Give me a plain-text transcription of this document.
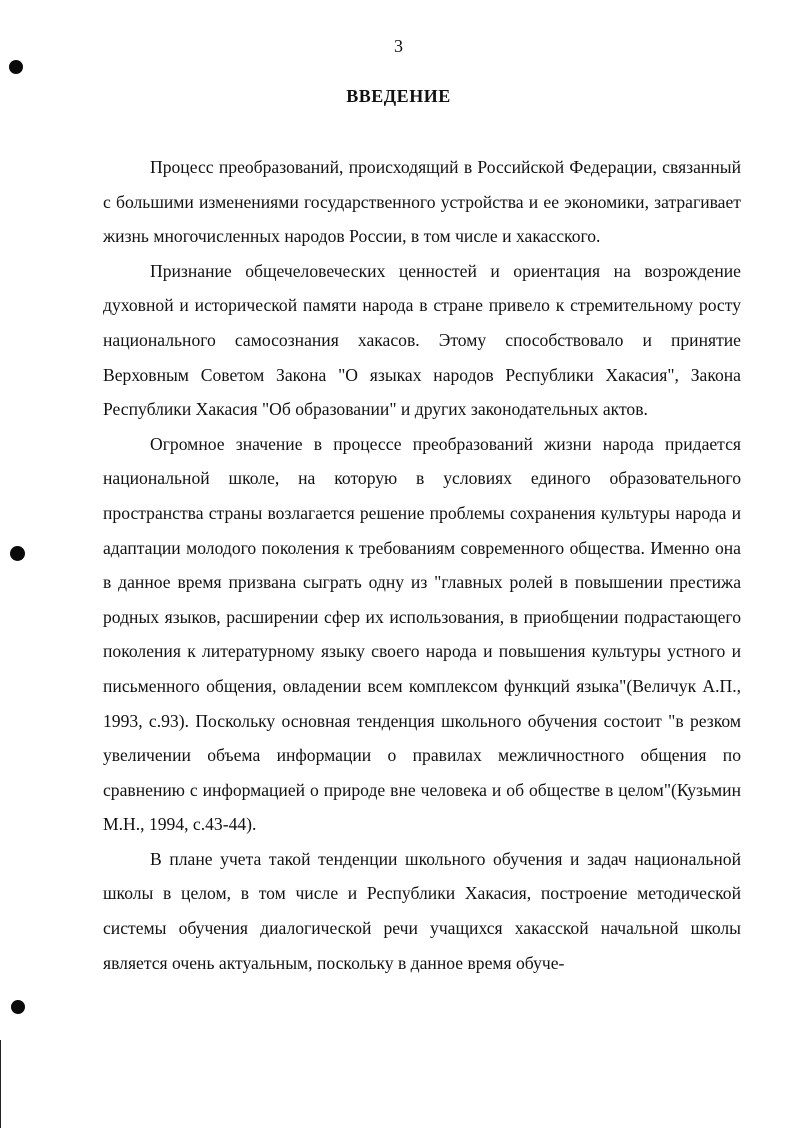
3
ВВЕДЕНИЕ

Процесс преобразований, происходящий в Российской Федерации, связанный с большими изменениями государственного устройства и ее экономики, затрагивает жизнь многочисленных народов России, в том числе и хакасского.

Признание общечеловеческих ценностей и ориентация на возрождение духовной и исторической памяти народа в стране привело к стремительному росту национального самосознания хакасов. Этому способствовало и принятие Верховным Советом Закона "О языках народов Республики Хакасия", Закона Республики Хакасия "Об образовании" и других законодательных актов.

Огромное значение в процессе преобразований жизни народа придается национальной школе, на которую в условиях единого образовательного пространства страны возлагается решение проблемы сохранения культуры народа и адаптации молодого поколения к требованиям современного общества. Именно она в данное время призвана сыграть одну из "главных ролей в повышении престижа родных языков, расширении сфер их использования, в приобщении подрастающего поколения к литературному языку своего народа и повышения культуры устного и письменного общения, овладении всем комплексом функций языка"(Величук А.П., 1993, с.93). Поскольку основная тенденция школьного обучения состоит "в резком увеличении объема информации о правилах межличностного общения по сравнению с информацией о природе вне человека и об обществе в целом"(Кузьмин М.Н., 1994, с.43-44).

В плане учета такой тенденции школьного обучения и задач национальной школы в целом, в том числе и Республики Хакасия, построение методической системы обучения диалогической речи учащихся хакасской начальной школы является очень актуальным, поскольку в данное время обуче-
